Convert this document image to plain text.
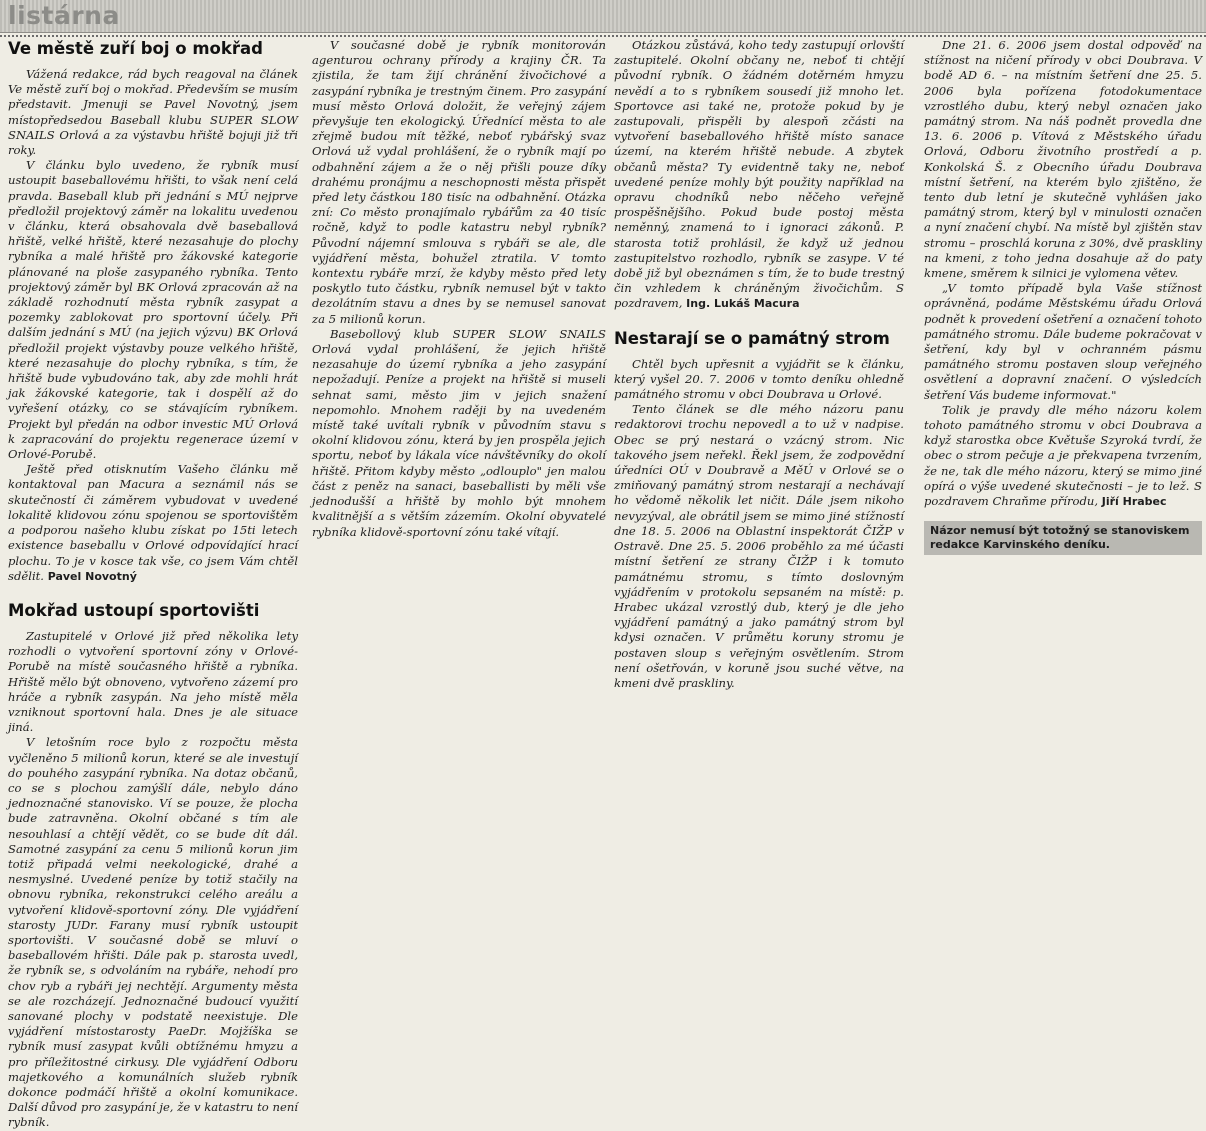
listárna
Ve městě zuří boj o mokřad

Vážená redakce, rád bych reagoval na článek Ve městě zuří boj o mokřad. Především se musím představit. Jmenuji se Pavel Novotný, jsem místopředsedou Baseball klubu SUPER SLOW SNAILS Orlová a za výstavbu hřiště bojuji již tři roky.

V článku bylo uvedeno, že rybník musí ustoupit baseballovému hřišti, to však není celá pravda. Baseball klub při jednání s MÚ nejprve předložil projektový záměr na lokalitu uvedenou v článku, která obsahovala dvě baseballová hřiště, velké hřiště, které nezasahuje do plochy rybníka a malé hřiště pro žákovské kategorie plánované na ploše zasypaného rybníka. Tento projektový záměr byl BK Orlová zpracován až na základě rozhodnutí města rybník zasypat a pozemky zablokovat pro sportovní účely. Při dalším jednání s MÚ (na jejich výzvu) BK Orlová předložil projekt výstavby pouze velkého hřiště, které nezasahuje do plochy rybníka, s tím, že hřiště bude vybudováno tak, aby zde mohli hrát jak žákovské kategorie, tak i dospělí až do vyřešení otázky, co se stávajícím rybníkem. Projekt byl předán na odbor investic MÚ Orlová k zapracování do projektu regenerace území v Orlové-Porubě.

Ještě před otisknutím Vašeho článku mě kontaktoval pan Macura a seznámil nás se skutečností či záměrem vybudovat v uvedené lokalitě klidovou zónu spojenou se sportovištěm a podporou našeho klubu získat po 15ti letech existence baseballu v Orlové odpovídající hrací plochu. To je v kosce tak vše, co jsem Vám chtěl sdělit. Pavel Novotný

Mokřad ustoupí sportovišti

Zastupitelé v Orlové již před několika lety rozhodli o vytvoření sportovní zóny v Orlové-Porubě na místě současného hřiště a rybníka. Hřiště mělo být obnoveno, vytvořeno zázemí pro hráče a rybník zasypán. Na jeho místě měla vzniknout sportovní hala. Dnes je ale situace jiná.

V letošním roce bylo z rozpočtu města vyčleněno 5 milionů korun, které se ale investují do pouhého zasypání rybníka. Na dotaz občanů, co se s plochou zamýšlí dále, nebylo dáno jednoznačné stanovisko. Ví se pouze, že plocha bude zatravněna. Okolní občané s tím ale nesouhlasí a chtějí vědět, co se bude dít dál. Samotné zasypání za cenu 5 milionů korun jim totiž připadá velmi neekologické, drahé a nesmyslné. Uvedené peníze by totiž stačily na obnovu rybníka, rekonstrukci celého areálu a vytvoření klidově-sportovní zóny. Dle vyjádření starosty JUDr. Farany musí rybník ustoupit sportovišti. V současné době se mluví o baseballovém hřišti. Dále pak p. starosta uvedl, že rybník se, s odvoláním na rybáře, nehodí pro chov ryb a rybáři jej nechtějí. Argumenty města se ale rozcházejí. Jednoznačné budoucí využití sanované plochy v podstatě neexistuje. Dle vyjádření místostarosty PaeDr. Mojžíška se rybník musí zasypat kvůli obtížnému hmyzu a pro příležitostné cirkusy. Dle vyjádření Odboru majetkového a komunálních služeb rybník dokonce podmáčí hřiště a okolní komunikace. Další důvod pro zasypání je, že v katastru to není rybník.

V současné době je rybník monitorován agenturou ochrany přírody a krajiny ČR. Ta zjistila, že tam žijí chránění živočichové a zasypání rybníka je trestným činem. Pro zasypání musí město Orlová doložit, že veřejný zájem převyšuje ten ekologický. Úřednící města to ale zřejmě budou mít těžké, neboť rybářský svaz Orlová už vydal prohlášení, že o rybník mají po odbahnění zájem a že o něj přišli pouze díky drahému pronájmu a neschopnosti města přispět před lety částkou 180 tisíc na odbahnění. Otázka zní: Co město pronajímalo rybářům za 40 tisíc ročně, když to podle katastru nebyl rybník? Původní nájemní smlouva s rybáři se ale, dle vyjádření města, bohužel ztratila. V tomto kontextu rybáře mrzí, že kdyby město před lety poskytlo tuto částku, rybník nemusel být v takto dezolátním stavu a dnes by se nemusel sanovat za 5 milionů korun.

Basebollový klub SUPER SLOW SNAILS Orlová vydal prohlášení, že jejich hřiště nezasahuje do území rybníka a jeho zasypání nepožadují. Peníze a projekt na hřiště si museli sehnat sami, město jim v jejich snažení nepomohlo. Mnohem raději by na uvedeném místě také uvítali rybník v původním stavu s okolní klidovou zónu, která by jen prospěla jejich sportu, neboť by lákala více návštěvníky do okolí hřiště. Přitom kdyby město „odlouplo" jen malou část z peněz na sanaci, baseballisti by měli vše jednodušší a hřiště by mohlo být mnohem kvalitnější a s větším zázemím. Okolní obyvatelé rybníka klidově-sportovní zónu také vítají.

Otázkou zůstává, koho tedy zastupují orlovští zastupitelé. Okolní občany ne, neboť ti chtějí původní rybník. O žádném dotěrném hmyzu nevědí a to s rybníkem sousedí již mnoho let. Sportovce asi také ne, protože pokud by je zastupovali, přispěli by alespoň zčásti na vytvoření baseballového hřiště místo sanace území, na kterém hřiště nebude. A zbytek občanů města? Ty evidentně taky ne, neboť uvedené peníze mohly být použity například na opravu chodníků nebo něčeho veřejně prospěšnějšího. Pokud bude postoj města neměnný, znamená to i ignoraci zákonů. P. starosta totiž prohlásil, že když už jednou zastupitelstvo rozhodlo, rybník se zasype. V té době již byl obeznámen s tím, že to bude trestný čin vzhledem k chráněným živočichům. S pozdravem, Ing. Lukáš Macura

Nestarají se o památný strom

Chtěl bych upřesnit a vyjádřit se k článku, který vyšel 20. 7. 2006 v tomto deníku ohledně památného stromu v obci Doubrava u Orlové.

Tento článek se dle mého názoru panu redaktorovi trochu nepovedl a to už v nadpise. Obec se prý nestará o vzácný strom. Nic takového jsem neřekl. Řekl jsem, že zodpovědní úředníci OÚ v Doubravě a MěÚ v Orlové se o zmiňovaný památný strom nestarají a nechávají ho vědomě několik let ničit. Dále jsem nikoho nevyzýval, ale obrátil jsem se mimo jiné stížností dne 18. 5. 2006 na Oblastní inspektorát ČIŽP v Ostravě. Dne 25. 5. 2006 proběhlo za mé účasti místní šetření ze strany ČIŽP i k tomuto památnému stromu, s tímto doslovným vyjádřením v protokolu sepsaném na místě: p. Hrabec ukázal vzrostlý dub, který je dle jeho vyjádření památný a jako památný strom byl kdysi označen. V průmětu koruny stromu je postaven sloup s veřejným osvětlením. Strom není ošetřován, v koruně jsou suché větve, na kmeni dvě praskliny.

Dne 21. 6. 2006 jsem dostal odpověď na stížnost na ničení přírody v obci Doubrava. V bodě AD 6. – na místním šetření dne 25. 5. 2006 byla pořízena fotodokumentace vzrostlého dubu, který nebyl označen jako památný strom. Na náš podnět provedla dne 13. 6. 2006 p. Vítová z Městského úřadu Orlová, Odboru životního prostředí a p. Konkolská Š. z Obecního úřadu Doubrava místní šetření, na kterém bylo zjištěno, že tento dub letní je skutečně vyhlášen jako památný strom, který byl v minulosti označen a nyní značení chybí. Na místě byl zjištěn stav stromu – proschlá koruna z 30%, dvě praskliny na kmeni, z toho jedna dosahuje až do paty kmene, směrem k silnici je vylomena větev.

„V tomto případě byla Vaše stížnost oprávněná, podáme Městskému úřadu Orlová podnět k provedení ošetření a označení tohoto památného stromu. Dále budeme pokračovat v šetření, kdy byl v ochranném pásmu památného stromu postaven sloup veřejného osvětlení a dopravní značení. O výsledcích šetření Vás budeme informovat."

Tolik je pravdy dle mého názoru kolem tohoto památného stromu v obci Doubrava a když starostka obce Květuše Szyroká tvrdí, že obec o strom pečuje a je překvapena tvrzením, že ne, tak dle mého názoru, který se mimo jiné opírá o výše uvedené skutečnosti – je to lež. S pozdravem Chraňme přírodu, Jiří Hrabec

Názor nemusí být totožný se stanoviskem redakce Karvinského deníku.
